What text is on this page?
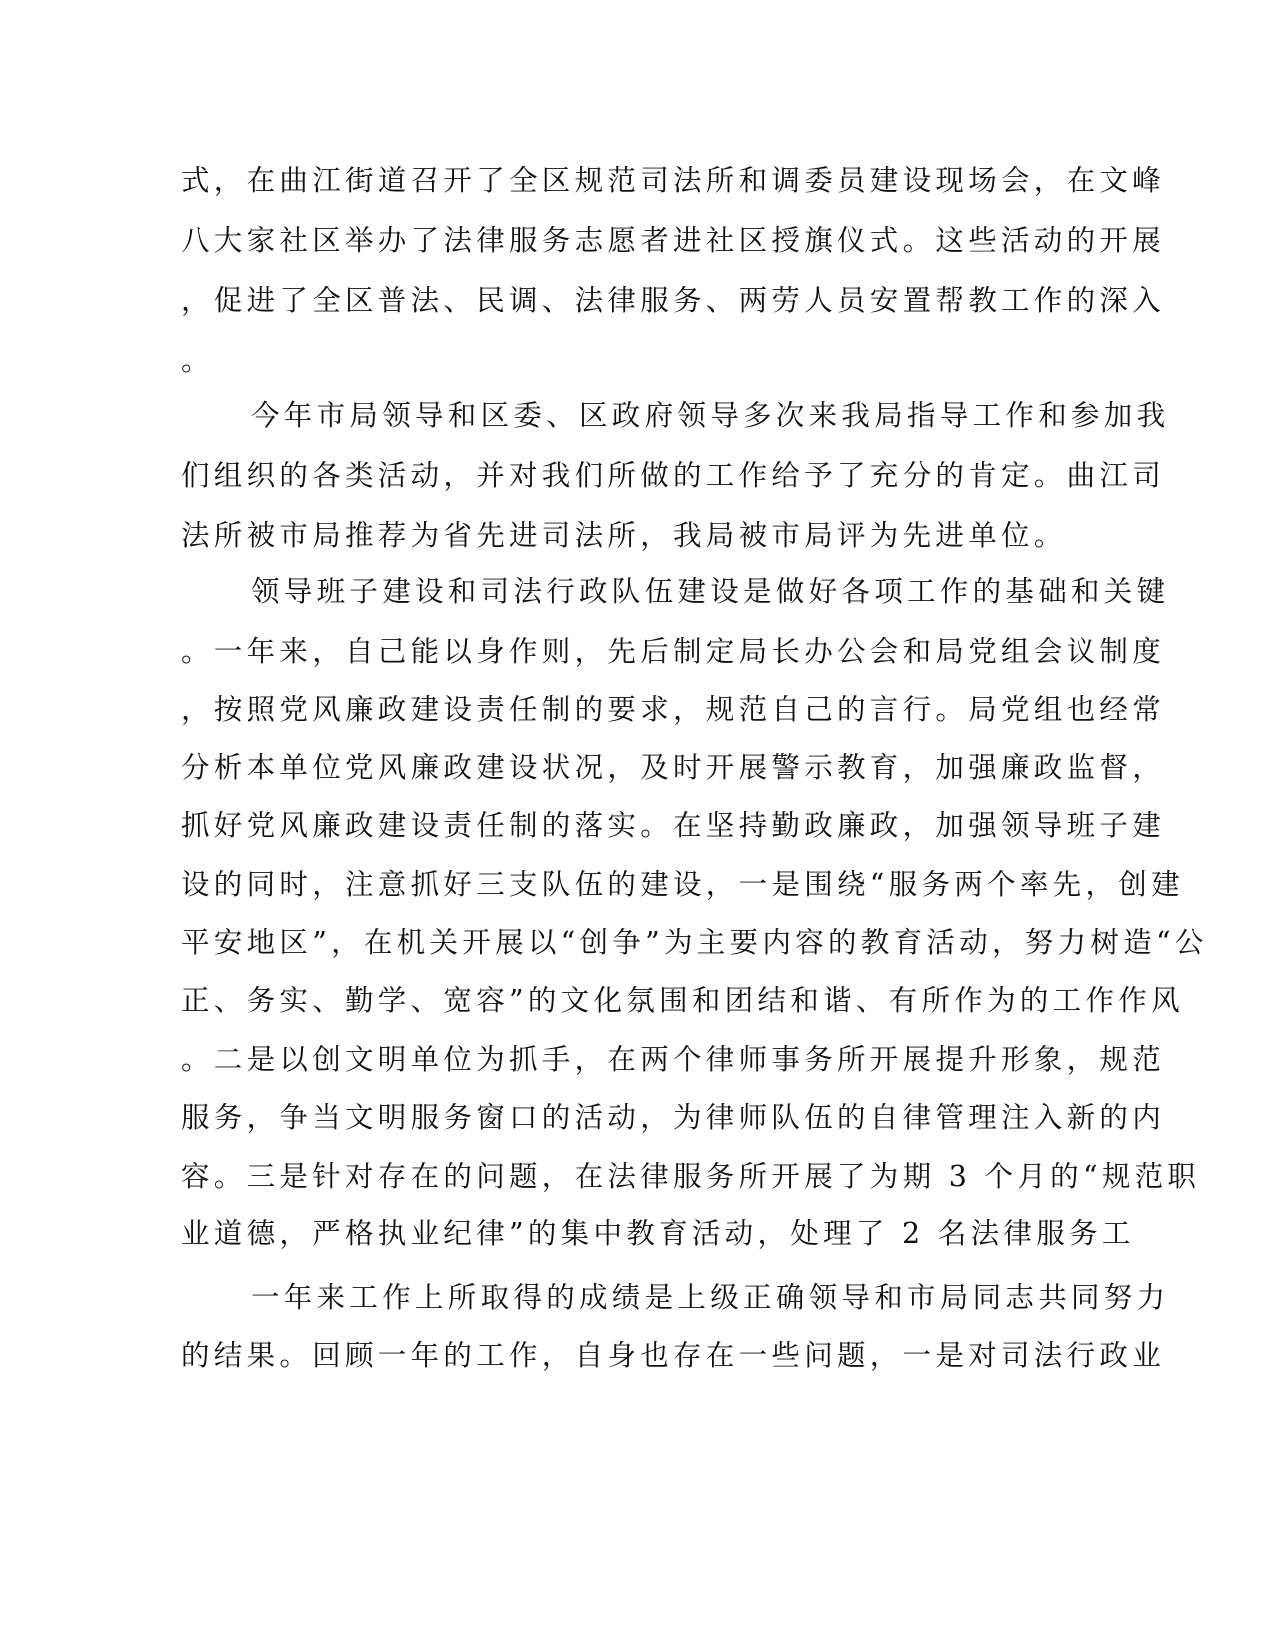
式，在曲江街道召开了全区规范司法所和调委员建设现场会，在文峰

八大家社区举办了法律服务志愿者进社区授旗仪式。这些活动的开展

，促进了全区普法、民调、法律服务、两劳人员安置帮教工作的深入

。

今年市局领导和区委、区政府领导多次来我局指导工作和参加我

们组织的各类活动，并对我们所做的工作给予了充分的肯定。曲江司

法所被市局推荐为省先进司法所，我局被市局评为先进单位。

领导班子建设和司法行政队伍建设是做好各项工作的基础和关键

。一年来，自己能以身作则，先后制定局长办公会和局党组会议制度

，按照党风廉政建设责任制的要求，规范自己的言行。局党组也经常

分析本单位党风廉政建设状况，及时开展警示教育，加强廉政监督，

抓好党风廉政建设责任制的落实。在坚持勤政廉政，加强领导班子建

设的同时，注意抓好三支队伍的建设，一是围绕“服务两个率先，创建

平安地区”，在机关开展以“创争”为主要内容的教育活动，努力树造“公

正、务实、勤学、宽容”的文化氛围和团结和谐、有所作为的工作作风

。二是以创文明单位为抓手，在两个律师事务所开展提升形象，规范

服务，争当文明服务窗口的活动，为律师队伍的自律管理注入新的内

容。三是针对存在的问题，在法律服务所开展了为期 3 个月的“规范职

业道德，严格执业纪律”的集中教育活动，处理了 2 名法律服务工

一年来工作上所取得的成绩是上级正确领导和市局同志共同努力

的结果。回顾一年的工作，自身也存在一些问题，一是对司法行政业
